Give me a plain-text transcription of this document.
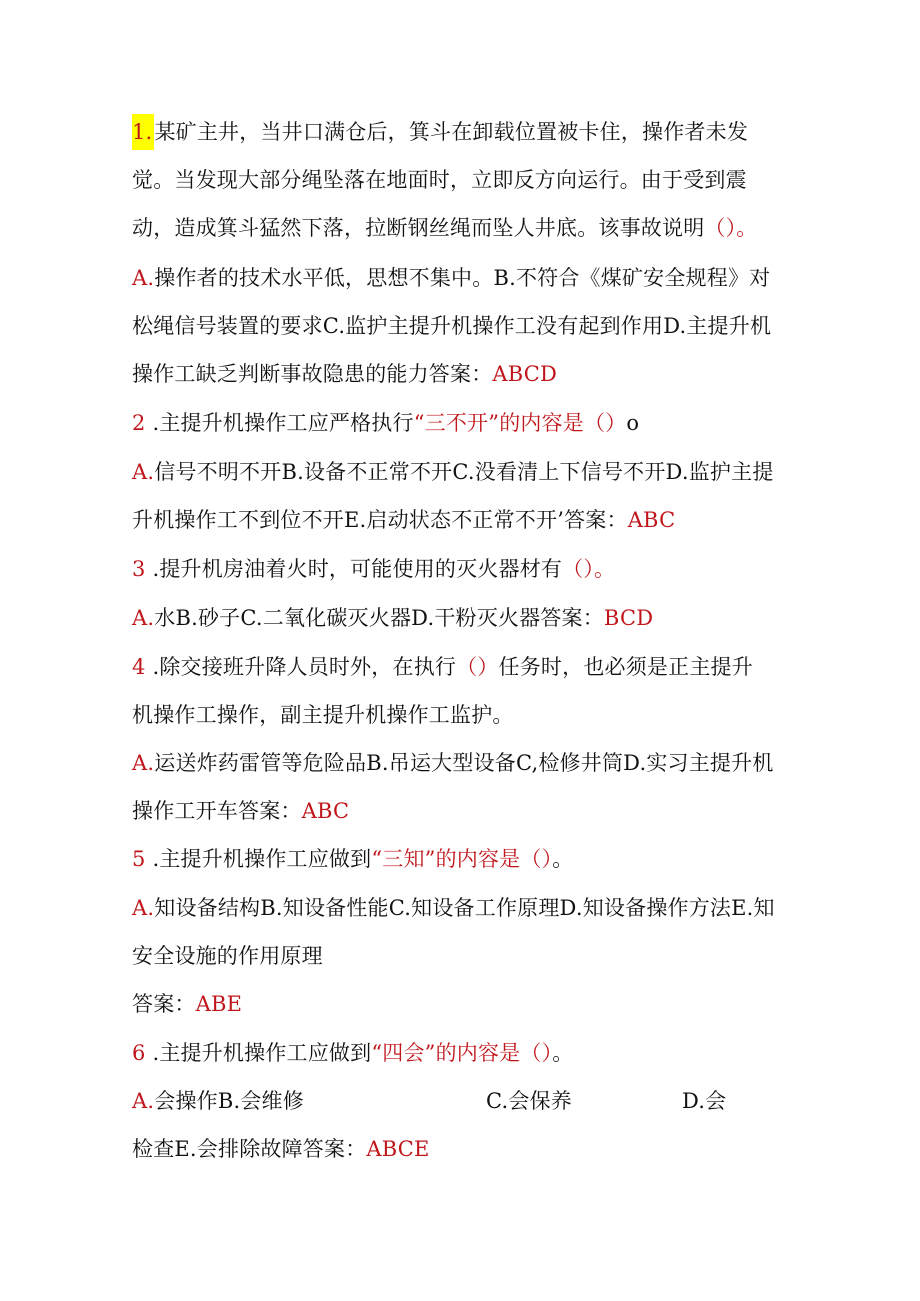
1.某矿主井，当井口满仓后，箕斗在卸载位置被卡住，操作者未发
觉。当发现大部分绳坠落在地面时，立即反方向运行。由于受到震
动，造成箕斗猛然下落，拉断钢丝绳而坠人井底。该事故说明（）。
A.操作者的技术水平低，思想不集中。B.不符合《煤矿安全规程》对
松绳信号装置的要求C.监护主提升机操作工没有起到作用D.主提升机
操作工缺乏判断事故隐患的能力答案：ABCD
2 .主提升机操作工应严格执行“三不开”的内容是（）o
A.信号不明不开B.设备不正常不开C.没看清上下信号不开D.监护主提
升机操作工不到位不开E.启动状态不正常不开’答案：ABC
3 .提升机房油着火时，可能使用的灭火器材有（）。
A.水B.砂子C.二氧化碳灭火器D.干粉灭火器答案：BCD
4 .除交接班升降人员时外，在执行（）任务时，也必须是正主提升
机操作工操作，副主提升机操作工监护。
A.运送炸药雷管等危险品B.吊运大型设备C,检修井筒D.实习主提升机
操作工开车答案：ABC
5 .主提升机操作工应做到“三知”的内容是（）。
A.知设备结构B.知设备性能C.知设备工作原理D.知设备操作方法E.知
安全设施的作用原理
答案：ABE
6 .主提升机操作工应做到“四会”的内容是（）。
A.会操作B.会维修	C.会保养	D.会
检查E.会排除故障答案：ABCE
